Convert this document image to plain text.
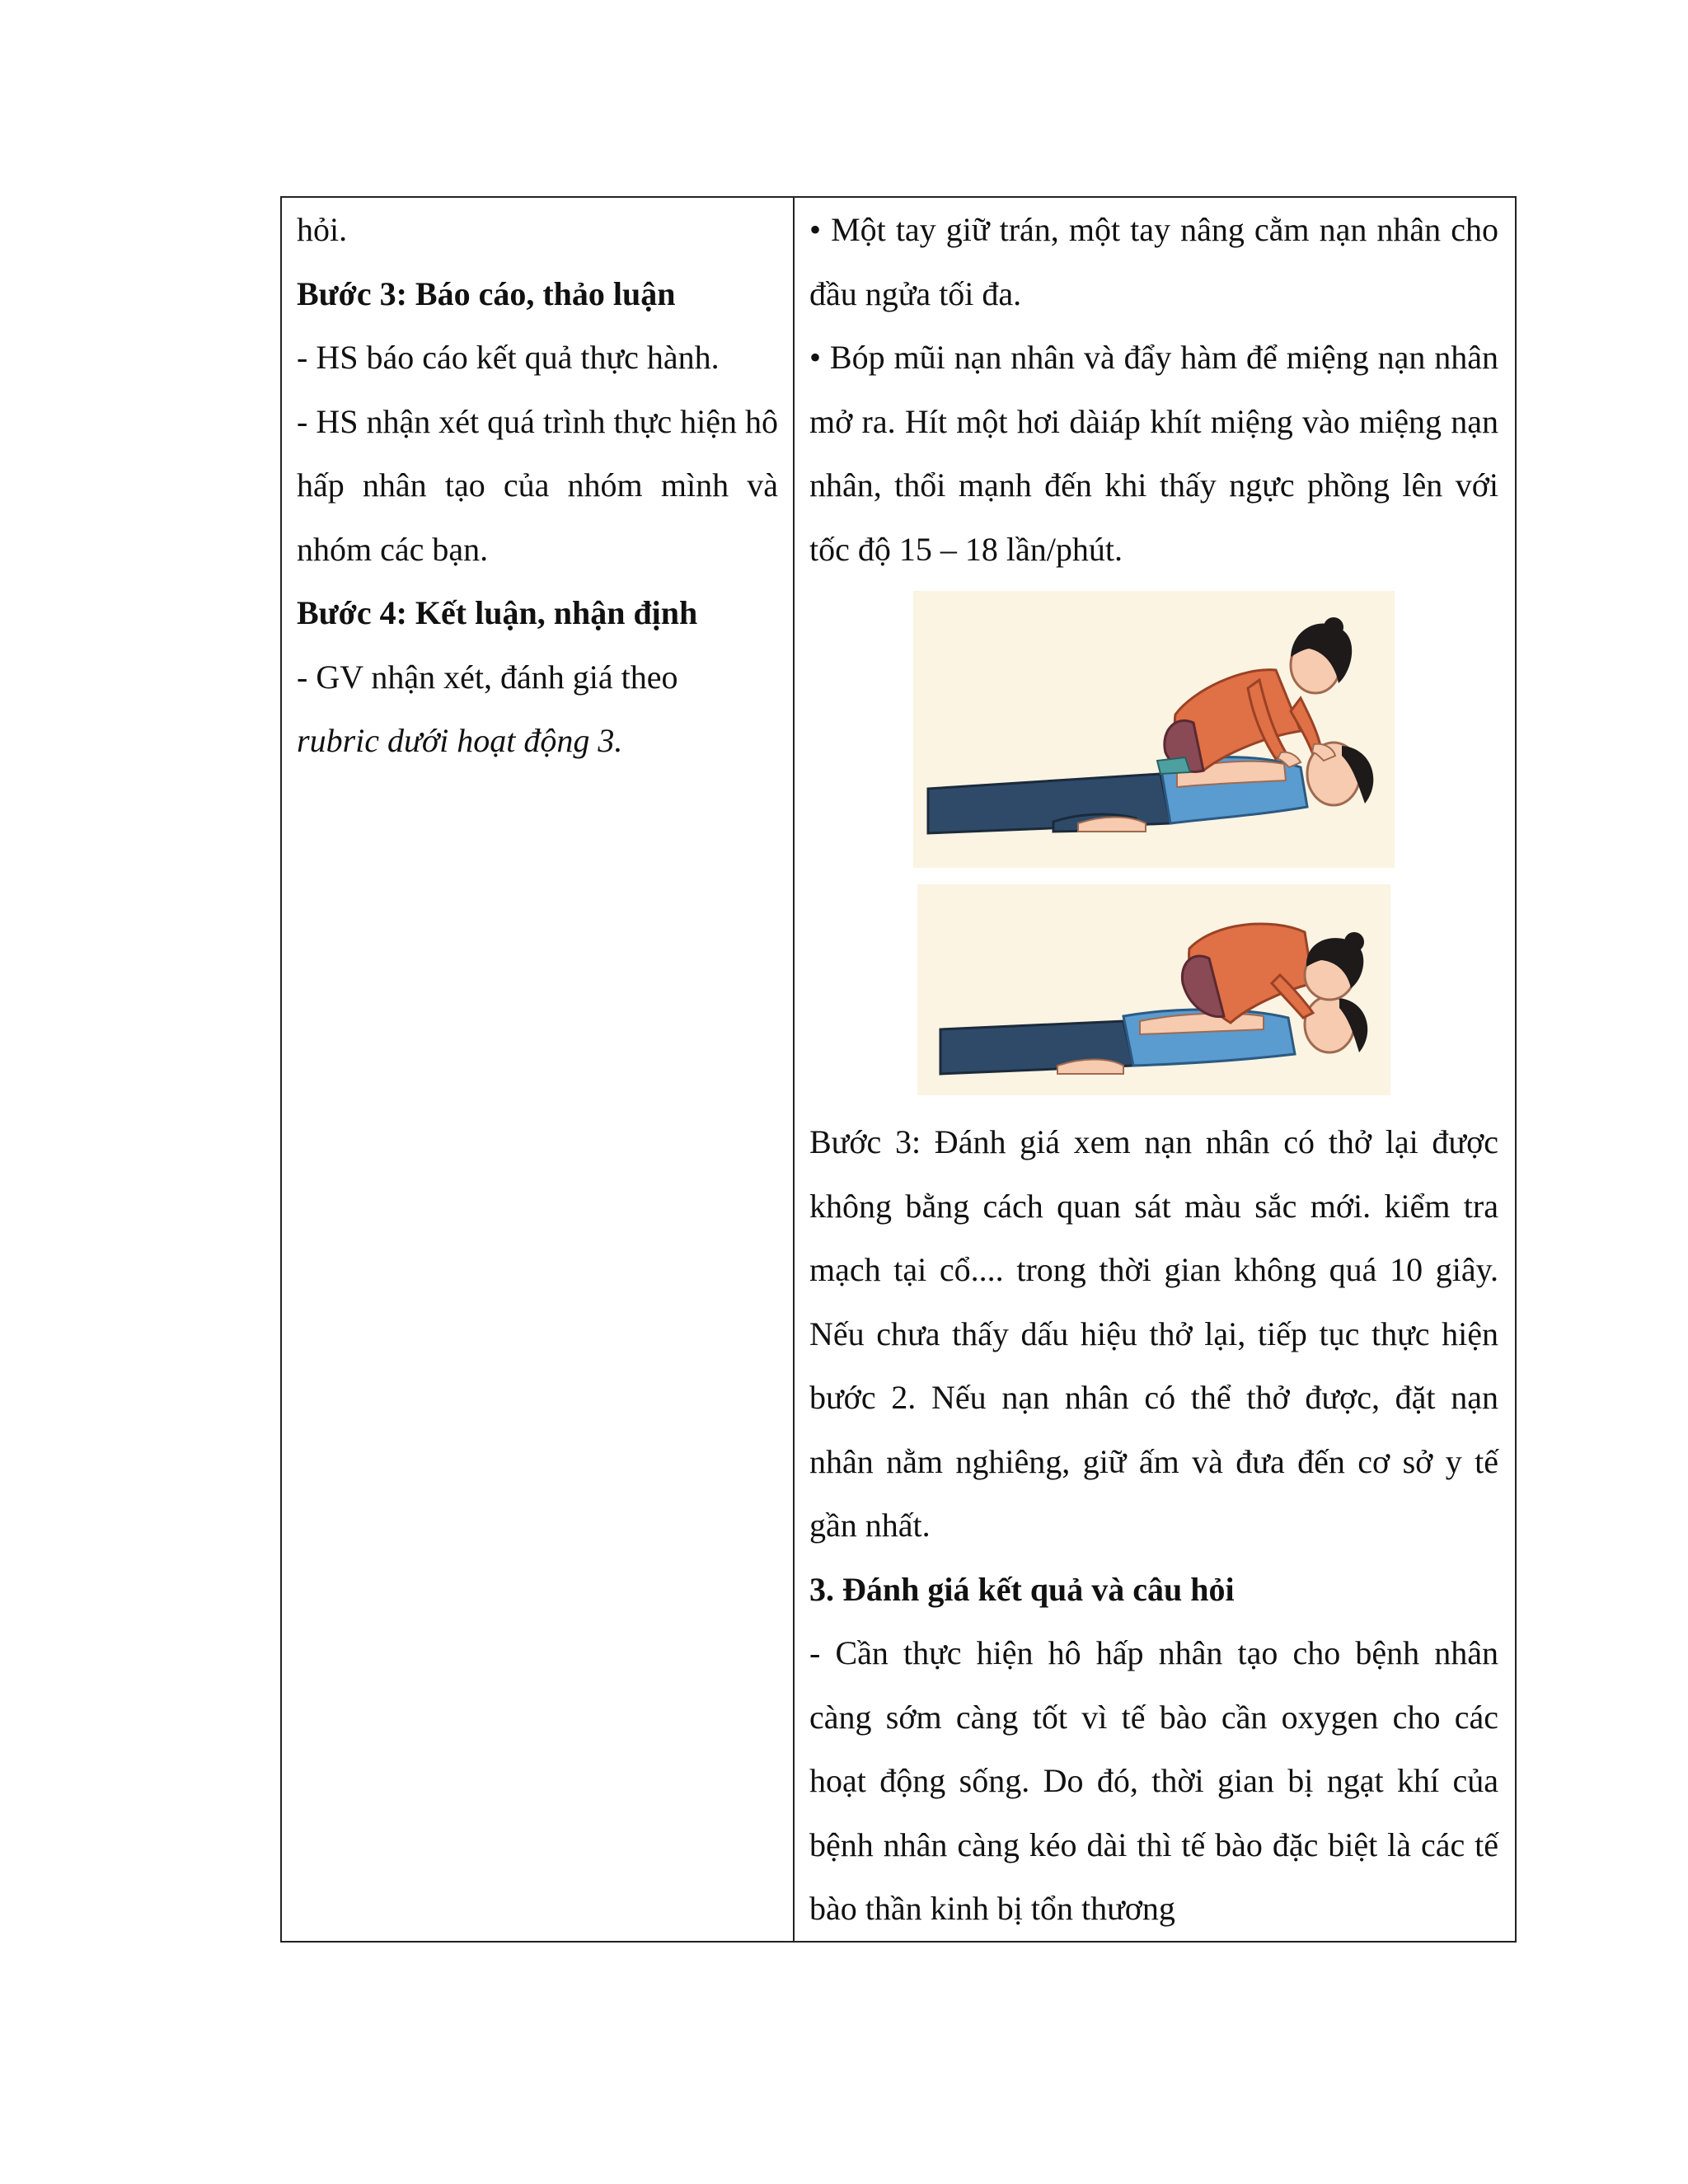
hỏi.
Bước 3: Báo cáo, thảo luận
- HS báo cáo kết quả thực hành.
- HS nhận xét quá trình thực hiện hô hấp nhân tạo của nhóm mình và nhóm các bạn.
Bước 4: Kết luận, nhận định
- GV nhận xét, đánh giá theo
rubric dưới hoạt động 3.

• Một tay giữ trán, một tay nâng cằm nạn nhân cho đầu ngửa tối đa.
• Bóp mũi nạn nhân và đẩy hàm để miệng nạn nhân mở ra. Hít một hơi dàiáp khít miệng vào miệng nạn nhân, thổi mạnh đến khi thấy ngực phồng lên với tốc độ 15 – 18 lần/phút.
Bước 3: Đánh giá xem nạn nhân có thở lại được không bằng cách quan sát màu sắc mới. kiểm tra mạch tại cổ.... trong thời gian không quá 10 giây. Nếu chưa thấy dấu hiệu thở lại, tiếp tục thực hiện bước 2. Nếu nạn nhân có thể thở được, đặt nạn nhân nằm nghiêng, giữ ấm và đưa đến cơ sở y tế gần nhất.
3. Đánh giá kết quả và câu hỏi
- Cần thực hiện hô hấp nhân tạo cho bệnh nhân càng sớm càng tốt vì tế bào cần oxygen cho các hoạt động sống. Do đó, thời gian bị ngạt khí của bệnh nhân càng kéo dài thì tế bào đặc biệt là các tế bào thần kinh bị tổn thương
